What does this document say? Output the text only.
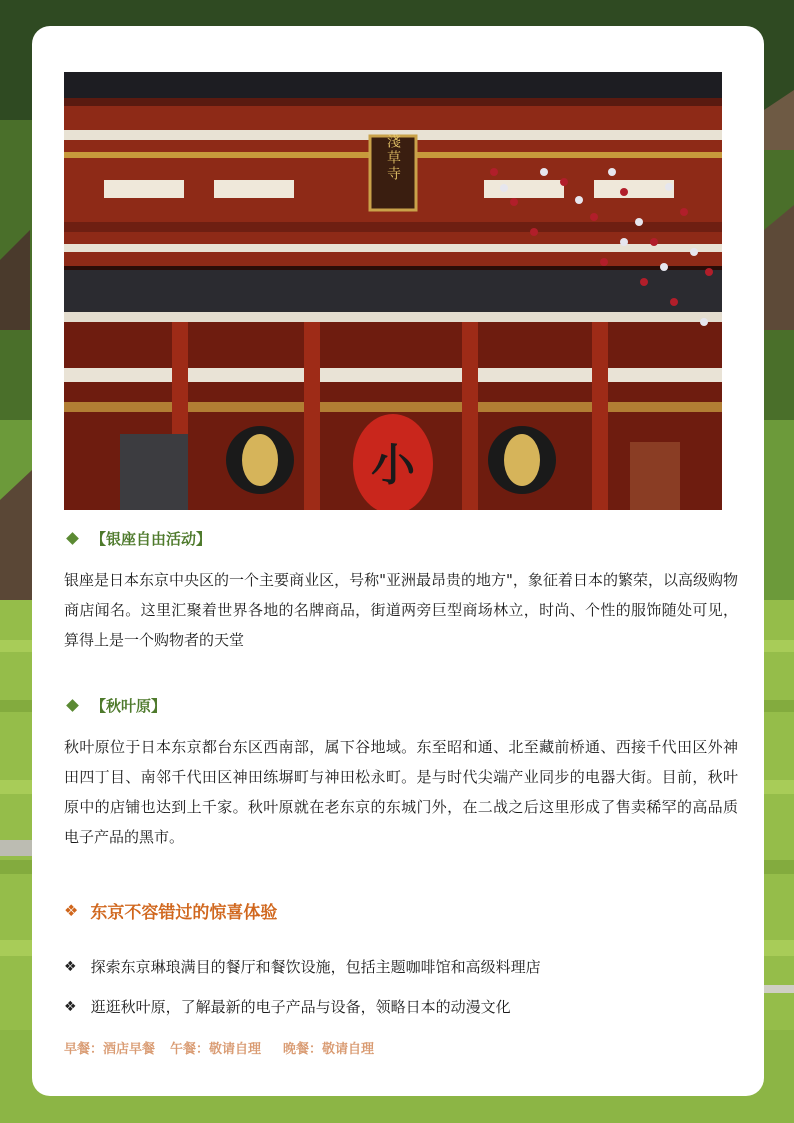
淺草寺
小
【银座自由活动】
银座是日本东京中央区的一个主要商业区，号称"亚洲最昂贵的地方"，象征着日本的繁荣，以高级购物商店闻名。这里汇聚着世界各地的名牌商品，街道两旁巨型商场林立，时尚、个性的服饰随处可见，算得上是一个购物者的天堂
【秋叶原】
秋叶原位于日本东京都台东区西南部，属下谷地域。东至昭和通、北至藏前桥通、西接千代田区外神田四丁目、南邻千代田区神田练塀町与神田松永町。是与时代尖端产业同步的电器大街。目前，秋叶原中的店铺也达到上千家。秋叶原就在老东京的东城门外，在二战之后这里形成了售卖稀罕的高品质电子产品的黑市。
❖ 东京不容错过的惊喜体验
❖ 探索东京琳琅满目的餐厅和餐饮设施，包括主题咖啡馆和高级料理店
❖ 逛逛秋叶原，了解最新的电子产品与设备，领略日本的动漫文化
早餐：酒店早餐 午餐：敬请自理 晚餐：敬请自理
